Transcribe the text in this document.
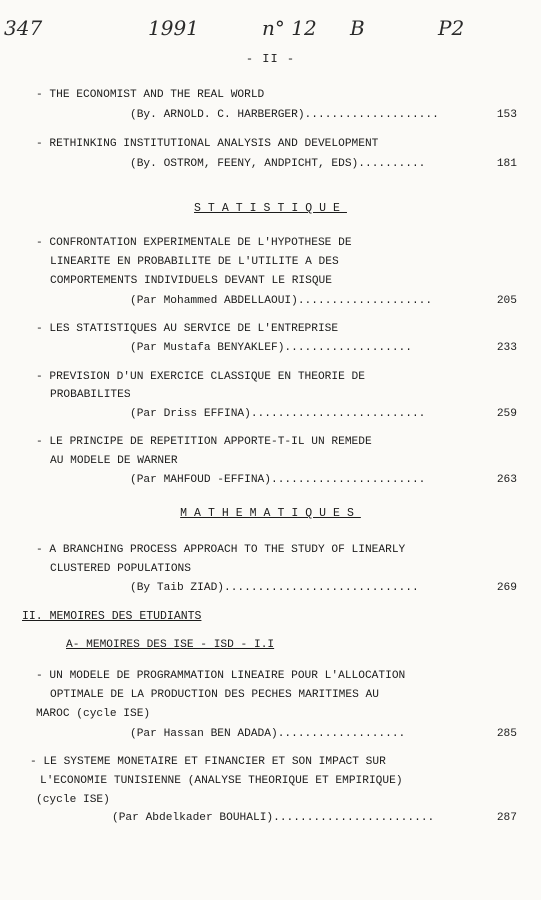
347	1991	n° 12 B	P2
- II -
- THE ECONOMIST AND THE REAL WORLD
(By. ARNOLD. C. HARBERGER)....................	153
- RETHINKING INSTITUTIONAL ANALYSIS AND DEVELOPMENT
(By. OSTROM, FEENY, ANDPICHT, EDS)..........	181
STATISTIQUE
- CONFRONTATION EXPERIMENTALE DE L'HYPOTHESE DE
LINEARITE EN PROBABILITE DE L'UTILITE A DES
COMPORTEMENTS INDIVIDUELS DEVANT LE RISQUE
(Par Mohammed ABDELLAOUI)....................	205
- LES STATISTIQUES AU SERVICE DE L'ENTREPRISE
(Par Mustafa BENYAKLEF)...................	233
- PREVISION D'UN EXERCICE CLASSIQUE EN THEORIE DE
PROBABILITES
(Par Driss EFFINA)..........................	259
- LE PRINCIPE DE REPETITION APPORTE-T-IL UN REMEDE
AU MODELE DE WARNER
(Par MAHFOUD -EFFINA).......................	263
MATHEMATIQUES
- A BRANCHING PROCESS APPROACH TO THE STUDY OF LINEARLY
CLUSTERED POPULATIONS
(By Taib ZIAD).............................	269
II. MEMOIRES DES ETUDIANTS
A- MEMOIRES DES ISE - ISD - I.I
- UN MODELE DE PROGRAMMATION LINEAIRE POUR L'ALLOCATION
OPTIMALE DE LA PRODUCTION DES PECHES MARITIMES AU
MAROC (cycle ISE)
(Par Hassan BEN ADADA)...................	285
- LE SYSTEME MONETAIRE ET FINANCIER ET SON IMPACT SUR
L'ECONOMIE TUNISIENNE (ANALYSE THEORIQUE ET EMPIRIQUE)
(cycle ISE)
(Par Abdelkader BOUHALI)........................	287
